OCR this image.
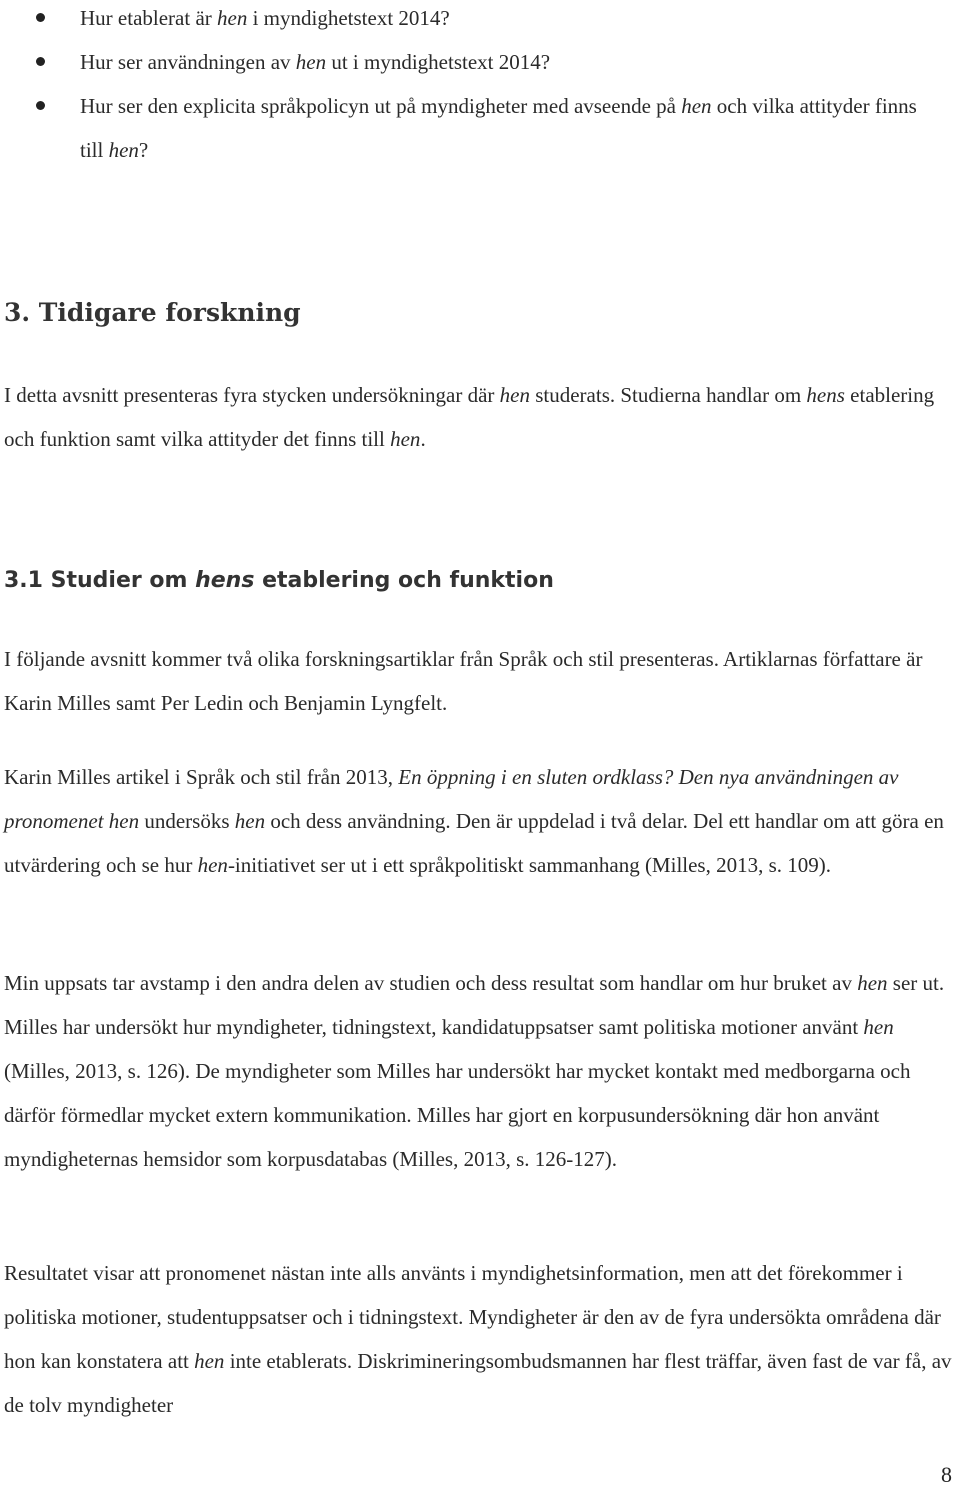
Hur etablerat är hen i myndighetstext 2014?
Hur ser användningen av hen ut i myndighetstext 2014?
Hur ser den explicita språkpolicyn ut på myndigheter med avseende på hen och vilka attityder finns till hen?
3. Tidigare forskning

I detta avsnitt presenteras fyra stycken undersökningar där hen studerats. Studierna handlar om hens etablering och funktion samt vilka attityder det finns till hen.

3.1 Studier om hens etablering och funktion

I följande avsnitt kommer två olika forskningsartiklar från Språk och stil presenteras. Artiklarnas författare är Karin Milles samt Per Ledin och Benjamin Lyngfelt.

Karin Milles artikel i Språk och stil från 2013, En öppning i en sluten ordklass? Den nya användningen av pronomenet hen undersöks hen och dess användning. Den är uppdelad i två delar. Del ett handlar om att göra en utvärdering och se hur hen-initiativet ser ut i ett språkpolitiskt sammanhang (Milles, 2013, s. 109).

Min uppsats tar avstamp i den andra delen av studien och dess resultat som handlar om hur bruket av hen ser ut. Milles har undersökt hur myndigheter, tidningstext, kandidatuppsatser samt politiska motioner använt hen (Milles, 2013, s. 126). De myndigheter som Milles har undersökt har mycket kontakt med medborgarna och därför förmedlar mycket extern kommunikation. Milles har gjort en korpusundersökning där hon använt myndigheternas hemsidor som korpusdatabas (Milles, 2013, s. 126-127).

Resultatet visar att pronomenet nästan inte alls använts i myndighetsinformation, men att det förekommer i politiska motioner, studentuppsatser och i tidningstext. Myndigheter är den av de fyra undersökta områdena där hon kan konstatera att hen inte etablerats. Diskrimineringsombudsmannen har flest träffar, även fast de var få, av de tolv myndigheter

8
